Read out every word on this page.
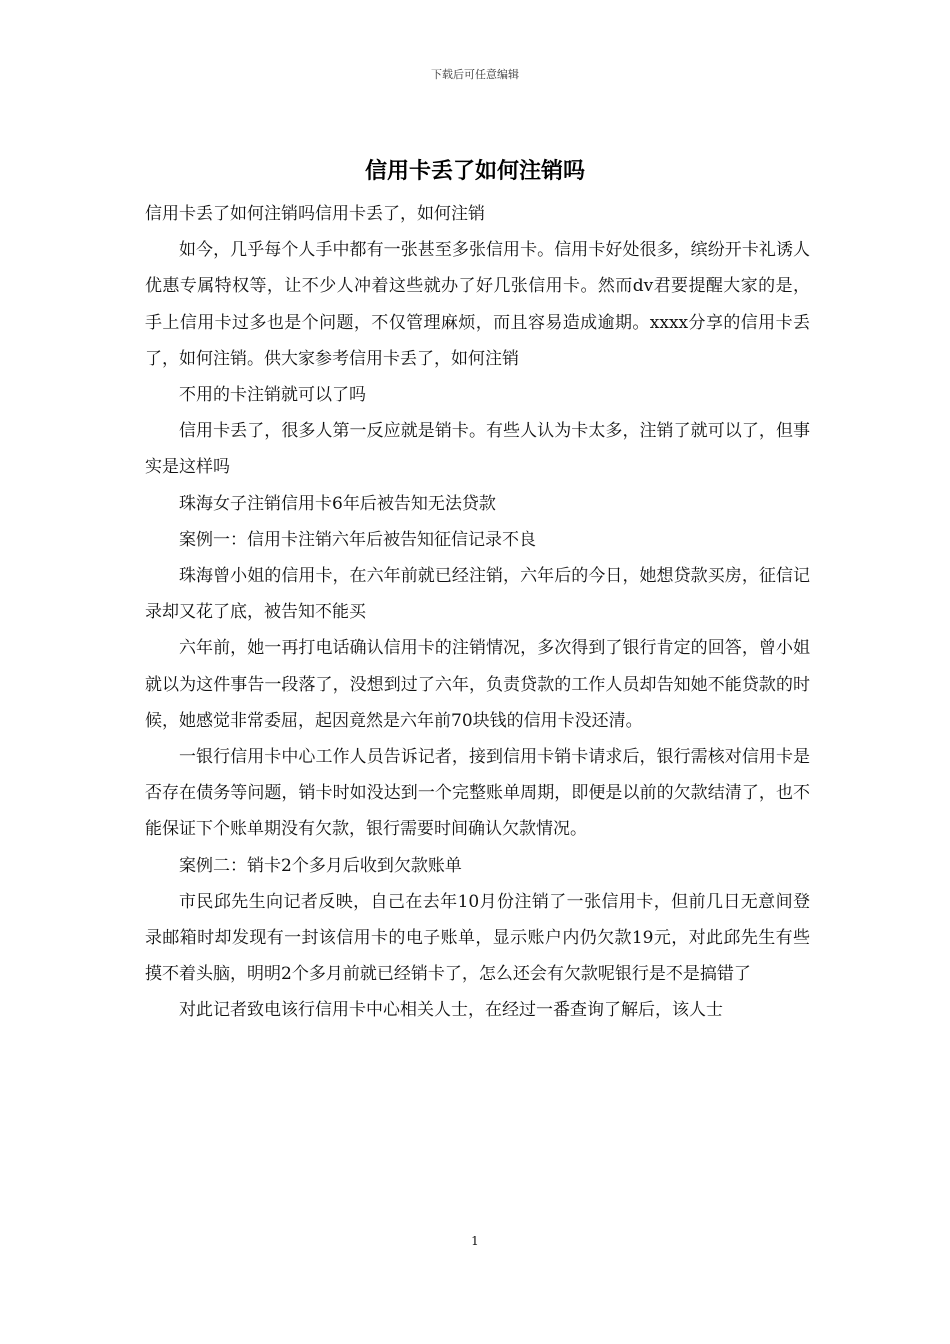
下载后可任意编辑
信用卡丢了如何注销吗

信用卡丢了如何注销吗信用卡丢了，如何注销

如今，几乎每个人手中都有一张甚至多张信用卡。信用卡好处很多，缤纷开卡礼诱人优惠专属特权等，让不少人冲着这些就办了好几张信用卡。然而dv君要提醒大家的是，手上信用卡过多也是个问题，不仅管理麻烦，而且容易造成逾期。xxxx分享的信用卡丢了，如何注销。供大家参考信用卡丢了，如何注销

不用的卡注销就可以了吗

信用卡丢了，很多人第一反应就是销卡。有些人认为卡太多，注销了就可以了，但事实是这样吗

珠海女子注销信用卡6年后被告知无法贷款

案例一：信用卡注销六年后被告知征信记录不良

珠海曾小姐的信用卡，在六年前就已经注销，六年后的今日，她想贷款买房，征信记录却又花了底，被告知不能买

六年前，她一再打电话确认信用卡的注销情况，多次得到了银行肯定的回答，曾小姐就以为这件事告一段落了，没想到过了六年，负责贷款的工作人员却告知她不能贷款的时候，她感觉非常委屈，起因竟然是六年前70块钱的信用卡没还清。

一银行信用卡中心工作人员告诉记者，接到信用卡销卡请求后，银行需核对信用卡是否存在债务等问题，销卡时如没达到一个完整账单周期，即便是以前的欠款结清了，也不能保证下个账单期没有欠款，银行需要时间确认欠款情况。

案例二：销卡2个多月后收到欠款账单

市民邱先生向记者反映，自己在去年10月份注销了一张信用卡，但前几日无意间登录邮箱时却发现有一封该信用卡的电子账单，显示账户内仍欠款19元，对此邱先生有些摸不着头脑，明明2个多月前就已经销卡了，怎么还会有欠款呢银行是不是搞错了

对此记者致电该行信用卡中心相关人士，在经过一番查询了解后，该人士

1
